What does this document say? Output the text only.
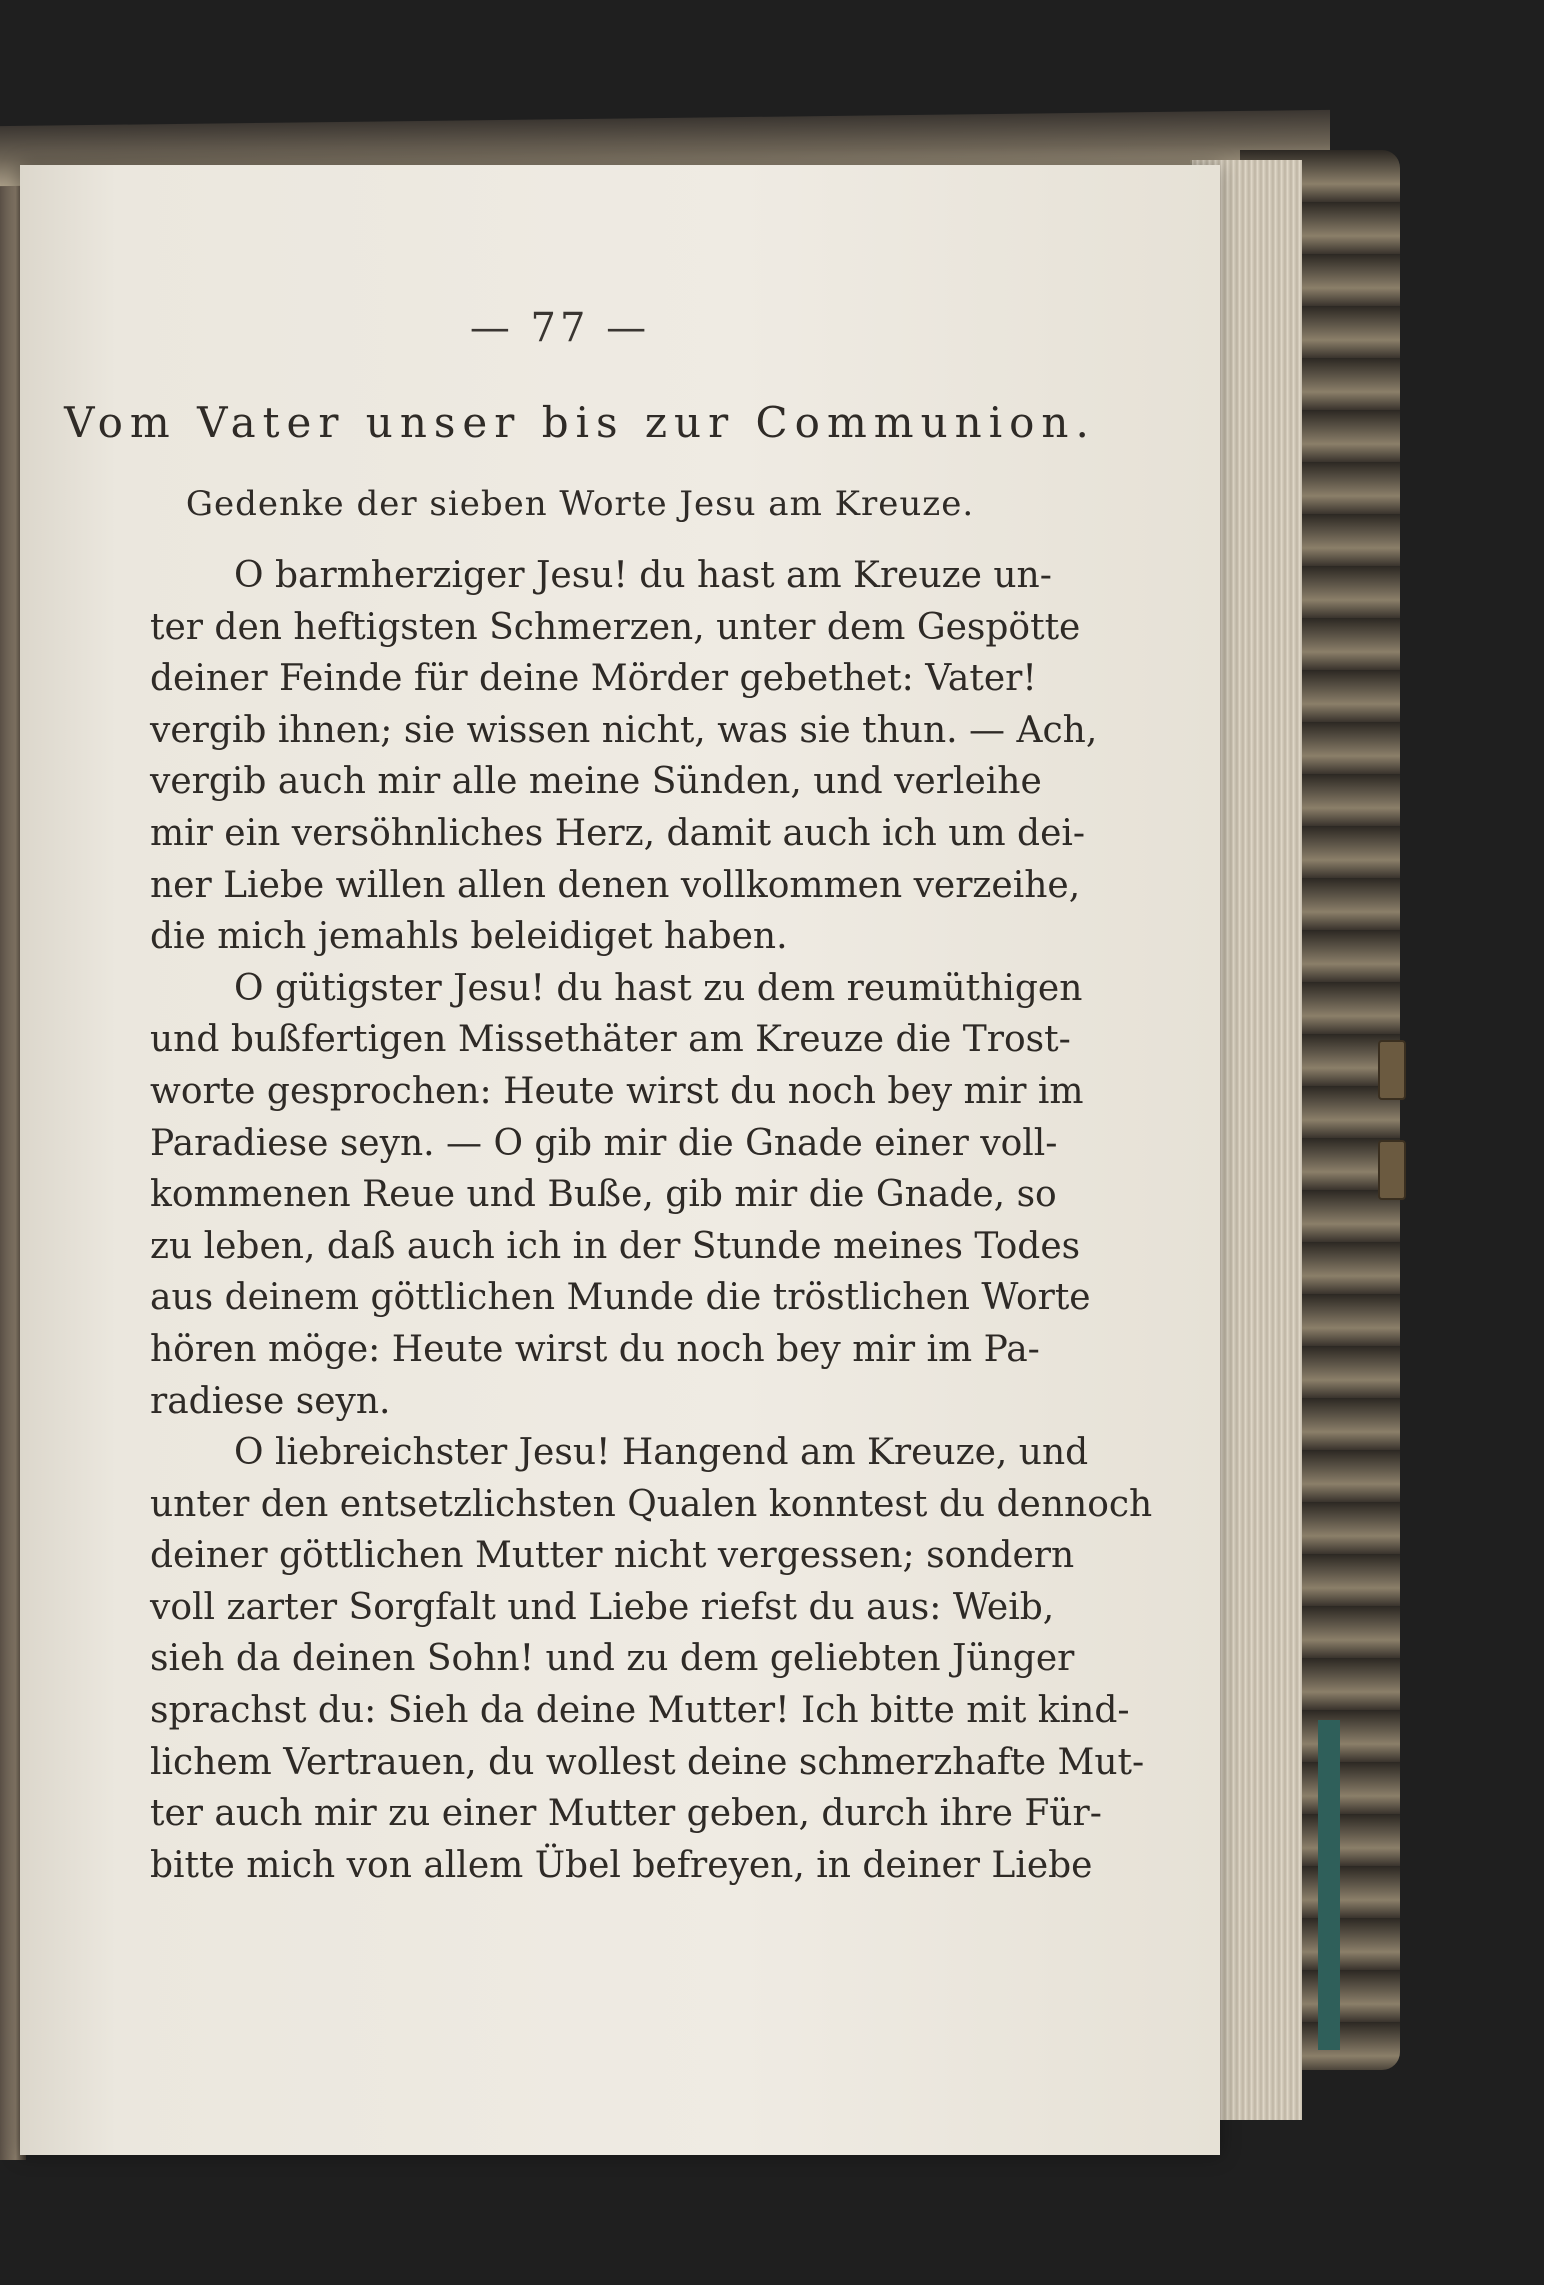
— 77 —
Vom Vater unser bis zur Communion.
Gedenke der sieben Worte Jesu am Kreuze.
O barmherziger Jesu! du hast am Kreuze un-
ter den heftigsten Schmerzen, unter dem Gespötte
deiner Feinde für deine Mörder gebethet: Vater!
vergib ihnen; sie wissen nicht, was sie thun. — Ach,
vergib auch mir alle meine Sünden, und verleihe
mir ein versöhnliches Herz, damit auch ich um dei-
ner Liebe willen allen denen vollkommen verzeihe,
die mich jemahls beleidiget haben.
O gütigster Jesu! du hast zu dem reumüthigen
und bußfertigen Missethäter am Kreuze die Trost-
worte gesprochen: Heute wirst du noch bey mir im
Paradiese seyn. — O gib mir die Gnade einer voll-
kommenen Reue und Buße, gib mir die Gnade, so
zu leben, daß auch ich in der Stunde meines Todes
aus deinem göttlichen Munde die tröstlichen Worte
hören möge: Heute wirst du noch bey mir im Pa-
radiese seyn.
O liebreichster Jesu! Hangend am Kreuze, und
unter den entsetzlichsten Qualen konntest du dennoch
deiner göttlichen Mutter nicht vergessen; sondern
voll zarter Sorgfalt und Liebe riefst du aus: Weib,
sieh da deinen Sohn! und zu dem geliebten Jünger
sprachst du: Sieh da deine Mutter! Ich bitte mit kind-
lichem Vertrauen, du wollest deine schmerzhafte Mut-
ter auch mir zu einer Mutter geben, durch ihre Für-
bitte mich von allem Übel befreyen, in deiner Liebe
